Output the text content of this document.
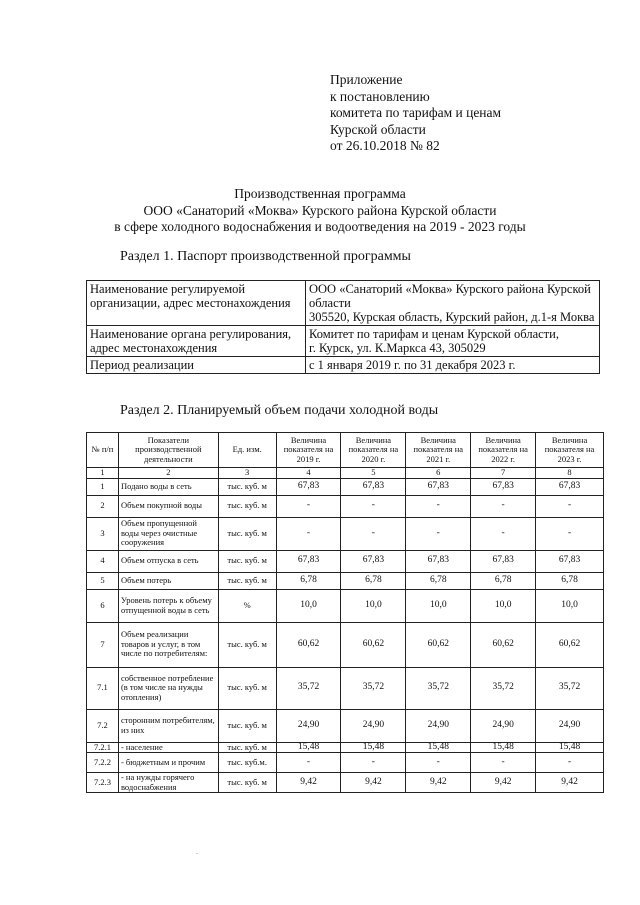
Приложение
к постановлению
комитета по тарифам и ценам
Курской области
от 26.10.2018 № 82
Производственная программа
ООО «Санаторий «Моква» Курского района Курской области
в сфере холодного водоснабжения и водоотведения на 2019 - 2023 годы
Раздел 1. Паспорт производственной программы
Наименование регулируемой организации, адрес местонахождения	ООО «Санаторий «Моква» Курского района Курской области
305520, Курская область, Курский район, д.1-я Моква

Наименование органа регулирования, адрес местонахождения	Комитет по тарифам и ценам Курской области,
г. Курск, ул. К.Маркса 43, 305029

Период реализации	с 1 января 2019 г. по 31 декабря 2023 г.
Раздел 2. Планируемый объем подачи холодной воды
№ п/п	Показатели производственной деятельности	Ед. изм.	Величина показателя на 2019 г.	Величина показателя на 2020 г.	Величина показателя на 2021 г.	Величина показателя на 2022 г.	Величина показателя на 2023 г.
1	2	3	4	5	6	7	8
1	Подано воды в сеть	тыс. куб. м	67,83	67,83	67,83	67,83	67,83
2	Объем покупной воды	тыс. куб. м	-	-	-	-	-
3	Объем пропущенной воды через очистные сооружения	тыс. куб. м	-	-	-	-	-
4	Объем отпуска в сеть	тыс. куб. м	67,83	67,83	67,83	67,83	67,83
5	Объем потерь	тыс. куб. м	6,78	6,78	6,78	6,78	6,78
6	Уровень потерь к объему отпущенной воды в сеть	%	10,0	10,0	10,0	10,0	10,0
7	Объем реализации товаров и услуг, в том числе по потребителям:	тыс. куб. м	60,62	60,62	60,62	60,62	60,62
7.1	собственное потребление (в том числе на нужды отопления)	тыс. куб. м	35,72	35,72	35,72	35,72	35,72
7.2	сторонним потребителям, из них	тыс. куб. м	24,90	24,90	24,90	24,90	24,90
7.2.1	- население	тыс. куб. м	15,48	15,48	15,48	15,48	15,48
7.2.2	- бюджетным и прочим	тыс. куб.м.	-	-	-	-	-
7.2.3	- на нужды горячего водоснабжения	тыс. куб. м	9,42	9,42	9,42	9,42	9,42
.
